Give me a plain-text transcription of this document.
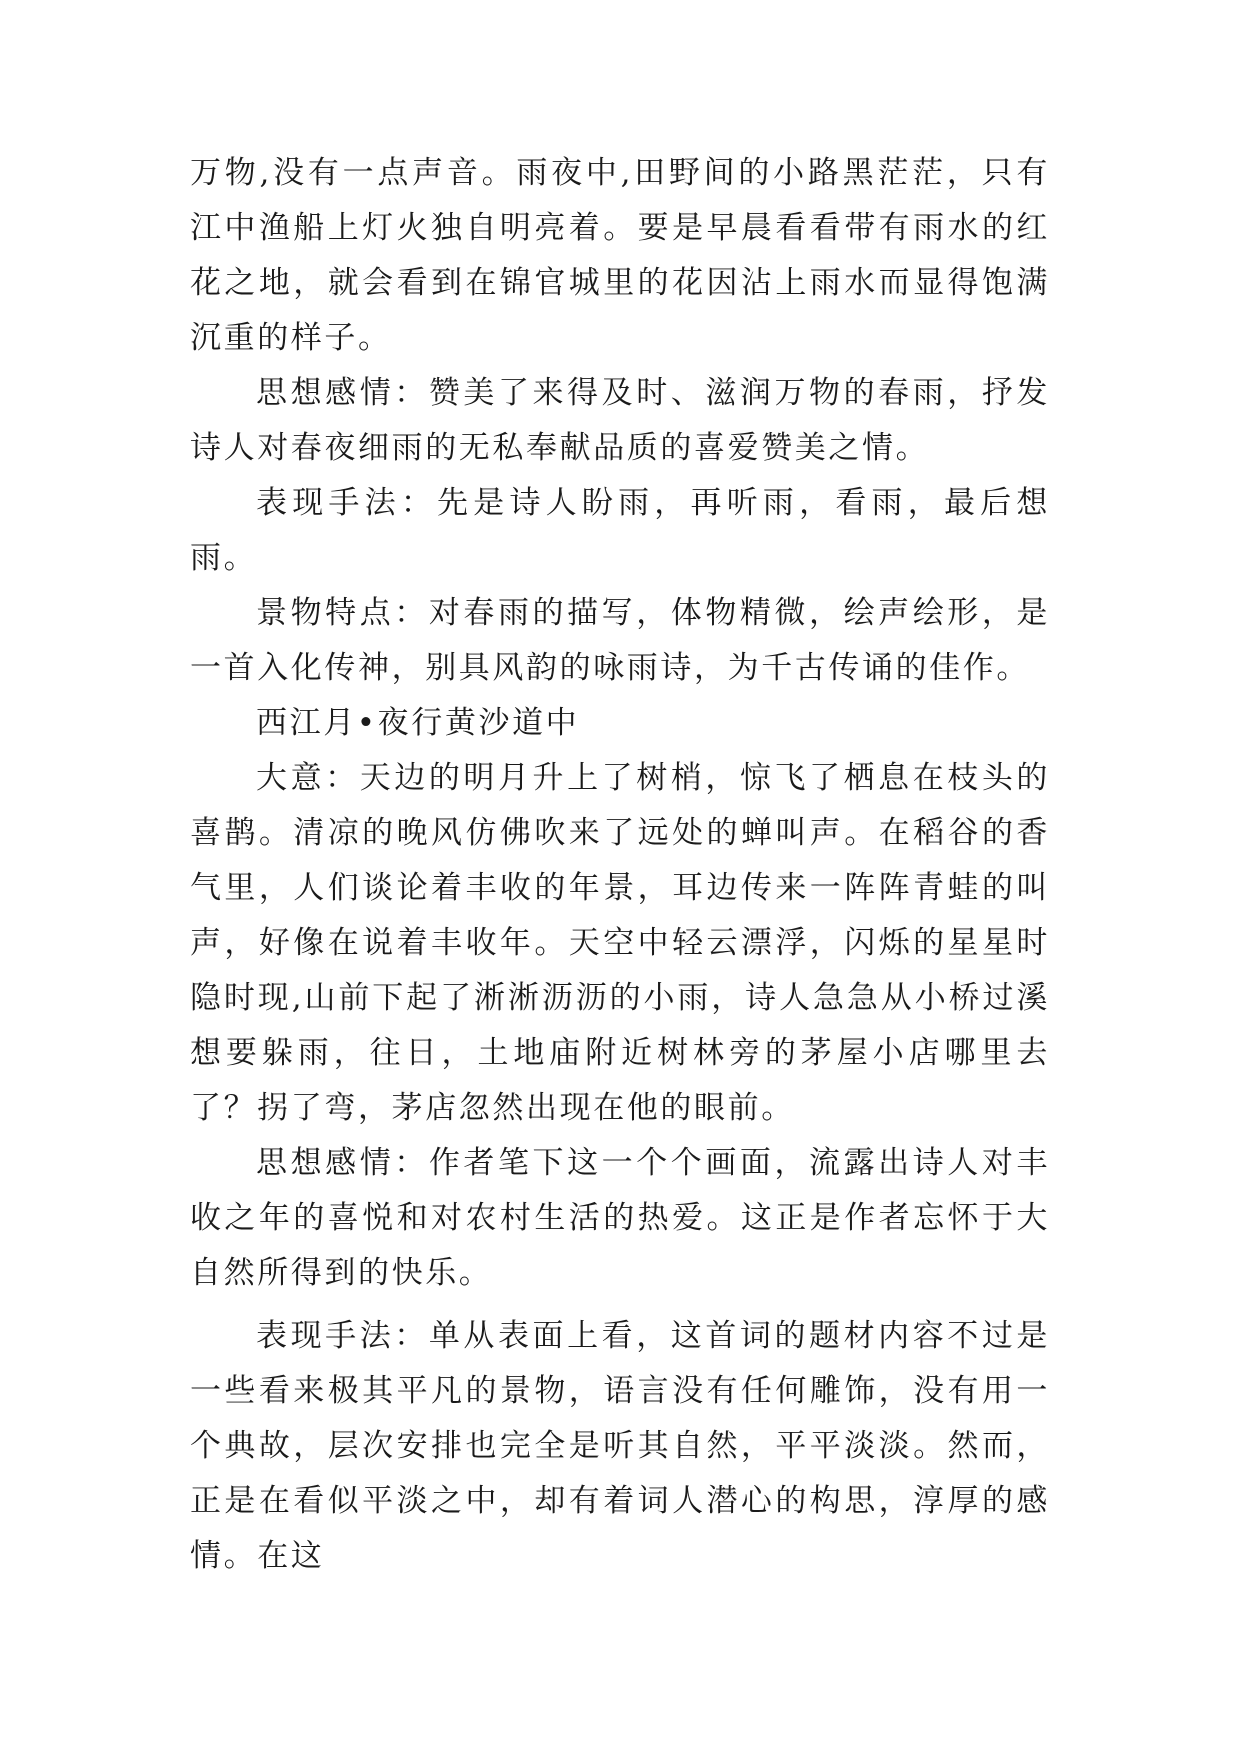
万物,没有一点声音。雨夜中,田野间的小路黑茫茫，只有江中渔船上灯火独自明亮着。要是早晨看看带有雨水的红花之地，就会看到在锦官城里的花因沾上雨水而显得饱满沉重的样子。

思想感情：赞美了来得及时、滋润万物的春雨，抒发诗人对春夜细雨的无私奉献品质的喜爱赞美之情。

表现手法：先是诗人盼雨，再听雨，看雨，最后想雨。

景物特点：对春雨的描写，体物精微，绘声绘形，是一首入化传神，别具风韵的咏雨诗，为千古传诵的佳作。

西江月•夜行黄沙道中

大意：天边的明月升上了树梢，惊飞了栖息在枝头的喜鹊。清凉的晚风仿佛吹来了远处的蝉叫声。在稻谷的香气里，人们谈论着丰收的年景，耳边传来一阵阵青蛙的叫声，好像在说着丰收年。天空中轻云漂浮，闪烁的星星时隐时现,山前下起了淅淅沥沥的小雨，诗人急急从小桥过溪想要躲雨，往日，土地庙附近树林旁的茅屋小店哪里去了？拐了弯，茅店忽然出现在他的眼前。

思想感情：作者笔下这一个个画面，流露出诗人对丰收之年的喜悦和对农村生活的热爱。这正是作者忘怀于大自然所得到的快乐。

表现手法：单从表面上看，这首词的题材内容不过是一些看来极其平凡的景物，语言没有任何雕饰，没有用一个典故，层次安排也完全是听其自然，平平淡淡。然而，正是在看似平淡之中，却有着词人潜心的构思，淳厚的感情。在这
